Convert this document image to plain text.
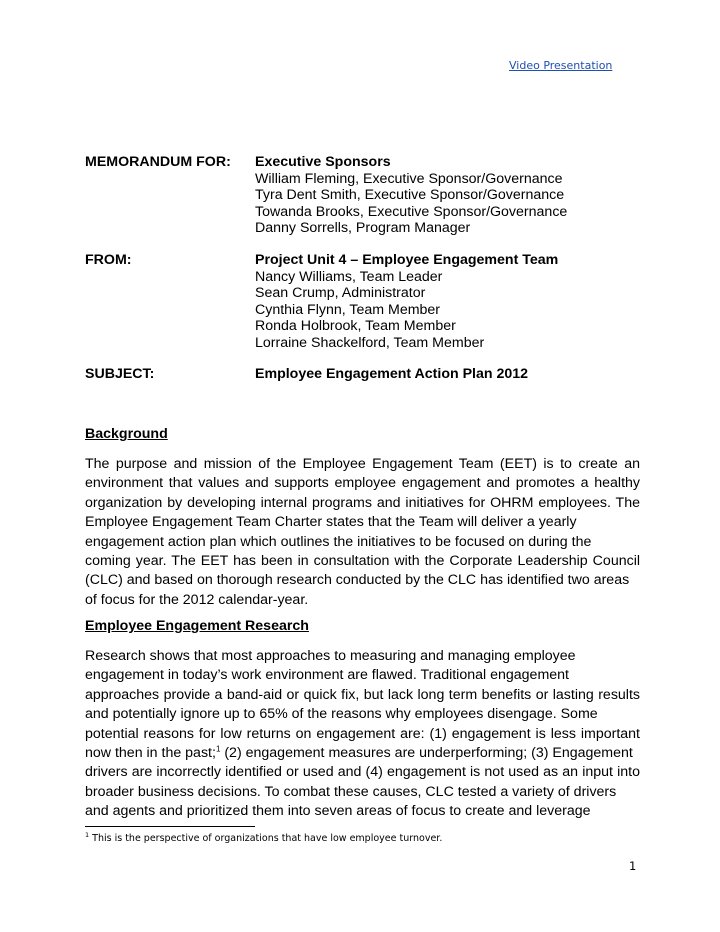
Video Presentation
MEMORANDUM FOR: Executive Sponsors
William Fleming, Executive Sponsor/Governance
Tyra Dent Smith, Executive Sponsor/Governance
Towanda Brooks, Executive Sponsor/Governance
Danny Sorrells, Program Manager
FROM:	Project Unit 4 – Employee Engagement Team
Nancy Williams, Team Leader
Sean Crump, Administrator
Cynthia Flynn, Team Member
Ronda Holbrook, Team Member
Lorraine Shackelford, Team Member
SUBJECT:	Employee Engagement Action Plan 2012
Background
The purpose and mission of the Employee Engagement Team (EET) is to create an
environment that values and supports employee engagement and promotes a healthy
organization by developing internal programs and initiatives for OHRM employees. The
Employee Engagement Team Charter states that the Team will deliver a yearly
engagement action plan which outlines the initiatives to be focused on during the
coming year. The EET has been in consultation with the Corporate Leadership Council
(CLC) and based on thorough research conducted by the CLC has identified two areas
of focus for the 2012 calendar-year.
Employee Engagement Research
Research shows that most approaches to measuring and managing employee
engagement in today’s work environment are flawed. Traditional engagement
approaches provide a band-aid or quick fix, but lack long term benefits or lasting results
and potentially ignore up to 65% of the reasons why employees disengage. Some
potential reasons for low returns on engagement are: (1) engagement is less important
now then in the past;$^1$ (2) engagement measures are underperforming; (3) Engagement
drivers are incorrectly identified or used and (4) engagement is not used as an input into
broader business decisions. To combat these causes, CLC tested a variety of drivers
and agents and prioritized them into seven areas of focus to create and leverage
$^1$ This is the perspective of organizations that have low employee turnover.
1
